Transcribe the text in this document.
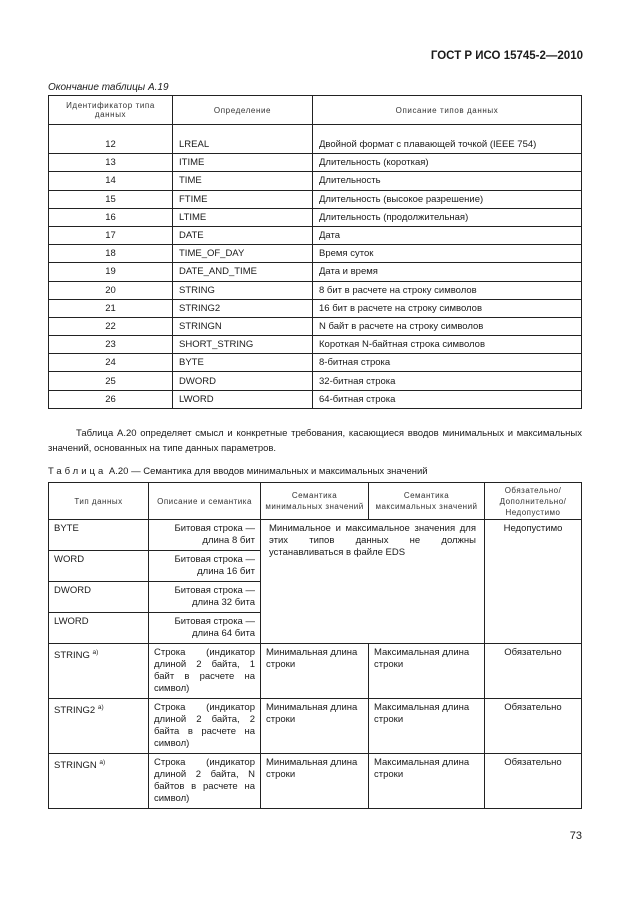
ГОСТ Р ИСО 15745-2—2010
Окончание таблицы А.19
Идентификатор типа данных	Определение	Описание типов данных
12	LREAL	Двойной формат с плавающей точкой (IEEE 754)
13	ITIME	Длительность (короткая)
14	TIME	Длительность
15	FTIME	Длительность (высокое разрешение)
16	LTIME	Длительность (продолжительная)
17	DATE	Дата
18	TIME_OF_DAY	Время суток
19	DATE_AND_TIME	Дата и время
20	STRING	8 бит в расчете на строку символов
21	STRING2	16 бит в расчете на строку символов
22	STRINGN	N байт в расчете на строку символов
23	SHORT_STRING	Короткая N-байтная строка символов
24	BYTE	8-битная строка
25	DWORD	32-битная строка
26	LWORD	64-битная строка
Таблица А.20 определяет смысл и конкретные требования, касающиеся вводов минимальных и максимальных значений, основанных на типе данных параметров.
Таблица А.20 — Семантика для вводов минимальных и максимальных значений
Тип данных	Описание и семантика	Семантика минимальных значений	Семантика максимальных значений	Обязательно/ Дополнительно/ Недопустимо
BYTE	Битовая строка — длина 8 бит	Минимальное и максимальное значения для этих типов данных не должны устанавливаться в файле EDS		Недопустимо
WORD	Битовая строка — длина 16 бит			
DWORD	Битовая строка — длина 32 бита			
LWORD	Битовая строка — длина 64 бита			
STRING $^{а)}$	Строка (индикатор длиной 2 байта, 1 байт в расчете на символ)	Минимальная длина строки	Максимальная длина строки	Обязательно
STRING2 $^{а)}$	Строка (индикатор длиной 2 байта, 2 байта в расчете на символ)	Минимальная длина строки	Максимальная длина строки	Обязательно
STRINGN $^{а)}$	Строка (индикатор длиной 2 байта, N байтов в расчете на символ)	Минимальная длина строки	Максимальная длина строки	Обязательно
73
